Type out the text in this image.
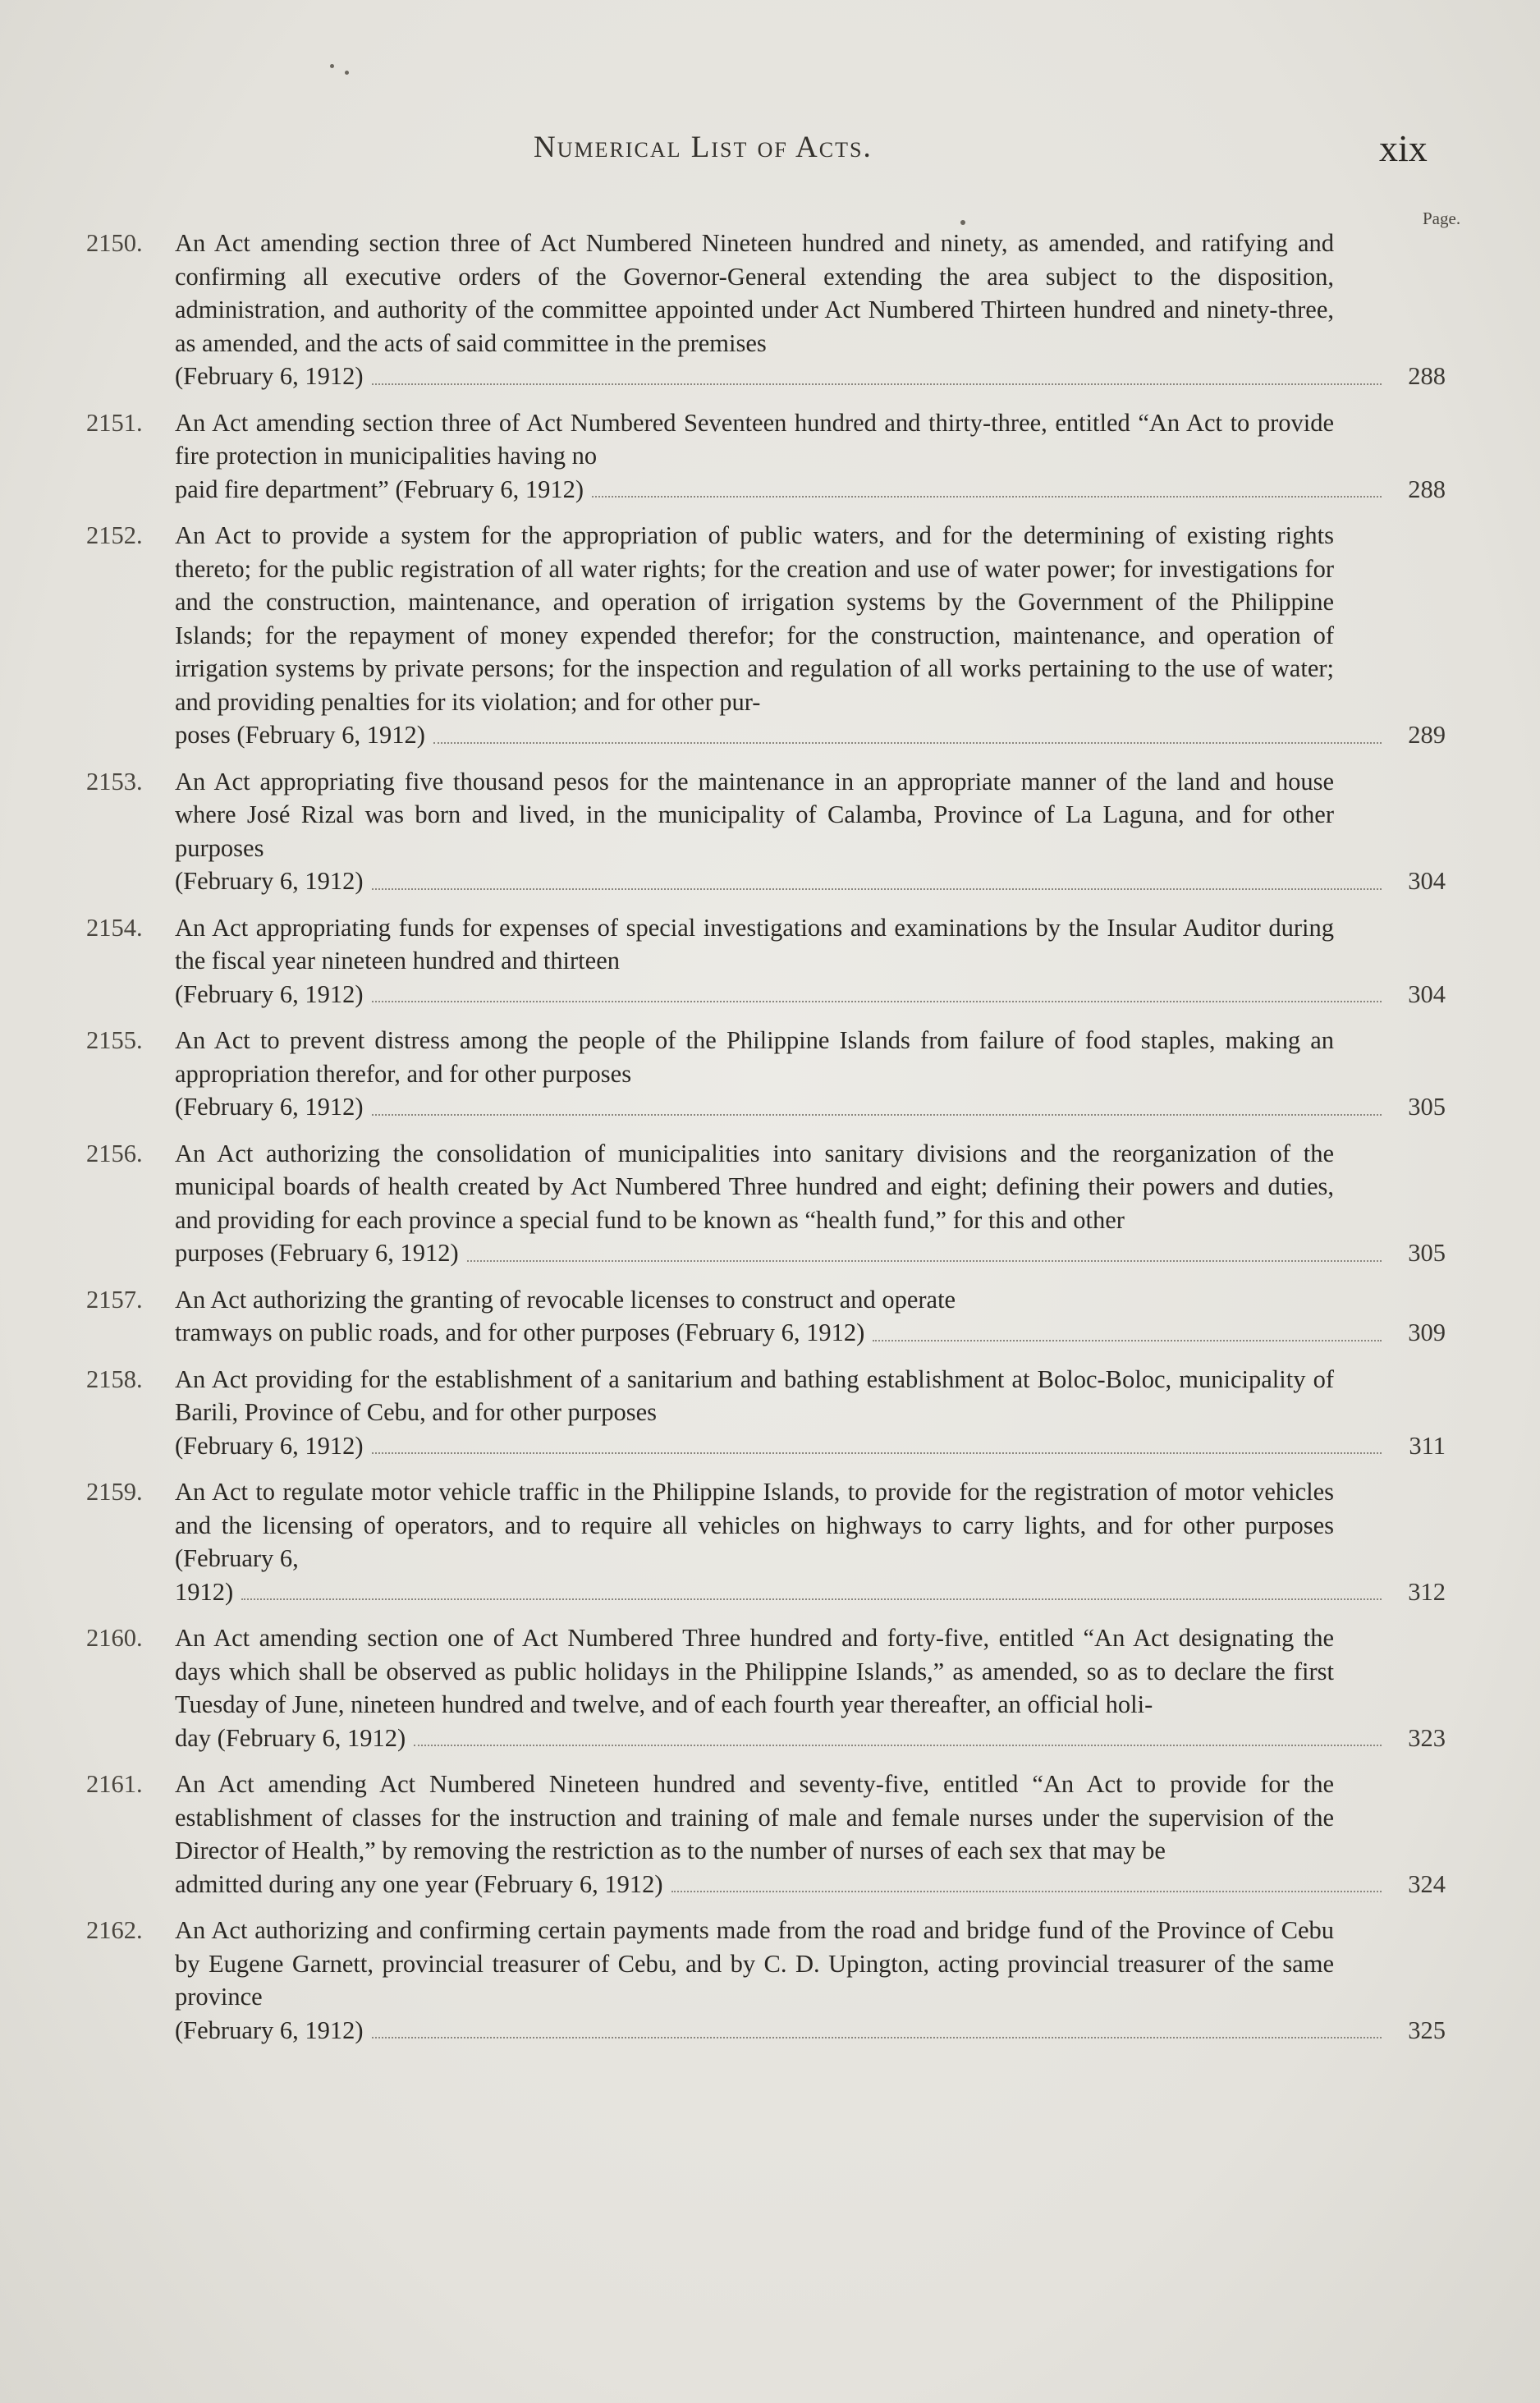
Numerical List of Acts.	xix
Page.
2150.	An Act amending section three of Act Numbered Nineteen hundred and ninety, as amended, and ratifying and confirming all executive orders of the Governor-General extending the area subject to the disposition, administration, and authority of the committee appointed under Act Numbered Thirteen hundred and ninety-three, as amended, and the acts of said committee in the premises
(February 6, 1912)	288
2151.	An Act amending section three of Act Numbered Seventeen hundred and thirty-three, entitled “An Act to provide fire protection in municipalities having no
paid fire department” (February 6, 1912)	288
2152.	An Act to provide a system for the appropriation of public waters, and for the determining of existing rights thereto; for the public registration of all water rights; for the creation and use of water power; for investigations for and the construction, maintenance, and operation of irrigation systems by the Government of the Philippine Islands; for the repayment of money expended therefor; for the construction, maintenance, and operation of irrigation systems by private persons; for the inspection and regulation of all works pertaining to the use of water; and providing penalties for its violation; and for other pur-
poses (February 6, 1912)	289
2153.	An Act appropriating five thousand pesos for the maintenance in an appropriate manner of the land and house where José Rizal was born and lived, in the municipality of Calamba, Province of La Laguna, and for other purposes
(February 6, 1912)	304
2154.	An Act appropriating funds for expenses of special investigations and examinations by the Insular Auditor during the fiscal year nineteen hundred and thirteen
(February 6, 1912)	304
2155.	An Act to prevent distress among the people of the Philippine Islands from failure of food staples, making an appropriation therefor, and for other purposes
(February 6, 1912)	305
2156.	An Act authorizing the consolidation of municipalities into sanitary divisions and the reorganization of the municipal boards of health created by Act Numbered Three hundred and eight; defining their powers and duties, and providing for each province a special fund to be known as “health fund,” for this and other
purposes (February 6, 1912)	305
2157.	An Act authorizing the granting of revocable licenses to construct and operate
tramways on public roads, and for other purposes (February 6, 1912)	309
2158.	An Act providing for the establishment of a sanitarium and bathing establishment at Boloc-Boloc, municipality of Barili, Province of Cebu, and for other purposes
(February 6, 1912)	311
2159.	An Act to regulate motor vehicle traffic in the Philippine Islands, to provide for the registration of motor vehicles and the licensing of operators, and to require all vehicles on highways to carry lights, and for other purposes (February 6,
1912)	312
2160.	An Act amending section one of Act Numbered Three hundred and forty-five, entitled “An Act designating the days which shall be observed as public holidays in the Philippine Islands,” as amended, so as to declare the first Tuesday of June, nineteen hundred and twelve, and of each fourth year thereafter, an official holi-
day (February 6, 1912)	323
2161.	An Act amending Act Numbered Nineteen hundred and seventy-five, entitled “An Act to provide for the establishment of classes for the instruction and training of male and female nurses under the supervision of the Director of Health,” by removing the restriction as to the number of nurses of each sex that may be
admitted during any one year (February 6, 1912)	324
2162.	An Act authorizing and confirming certain payments made from the road and bridge fund of the Province of Cebu by Eugene Garnett, provincial treasurer of Cebu, and by C. D. Upington, acting provincial treasurer of the same province
(February 6, 1912)	325
